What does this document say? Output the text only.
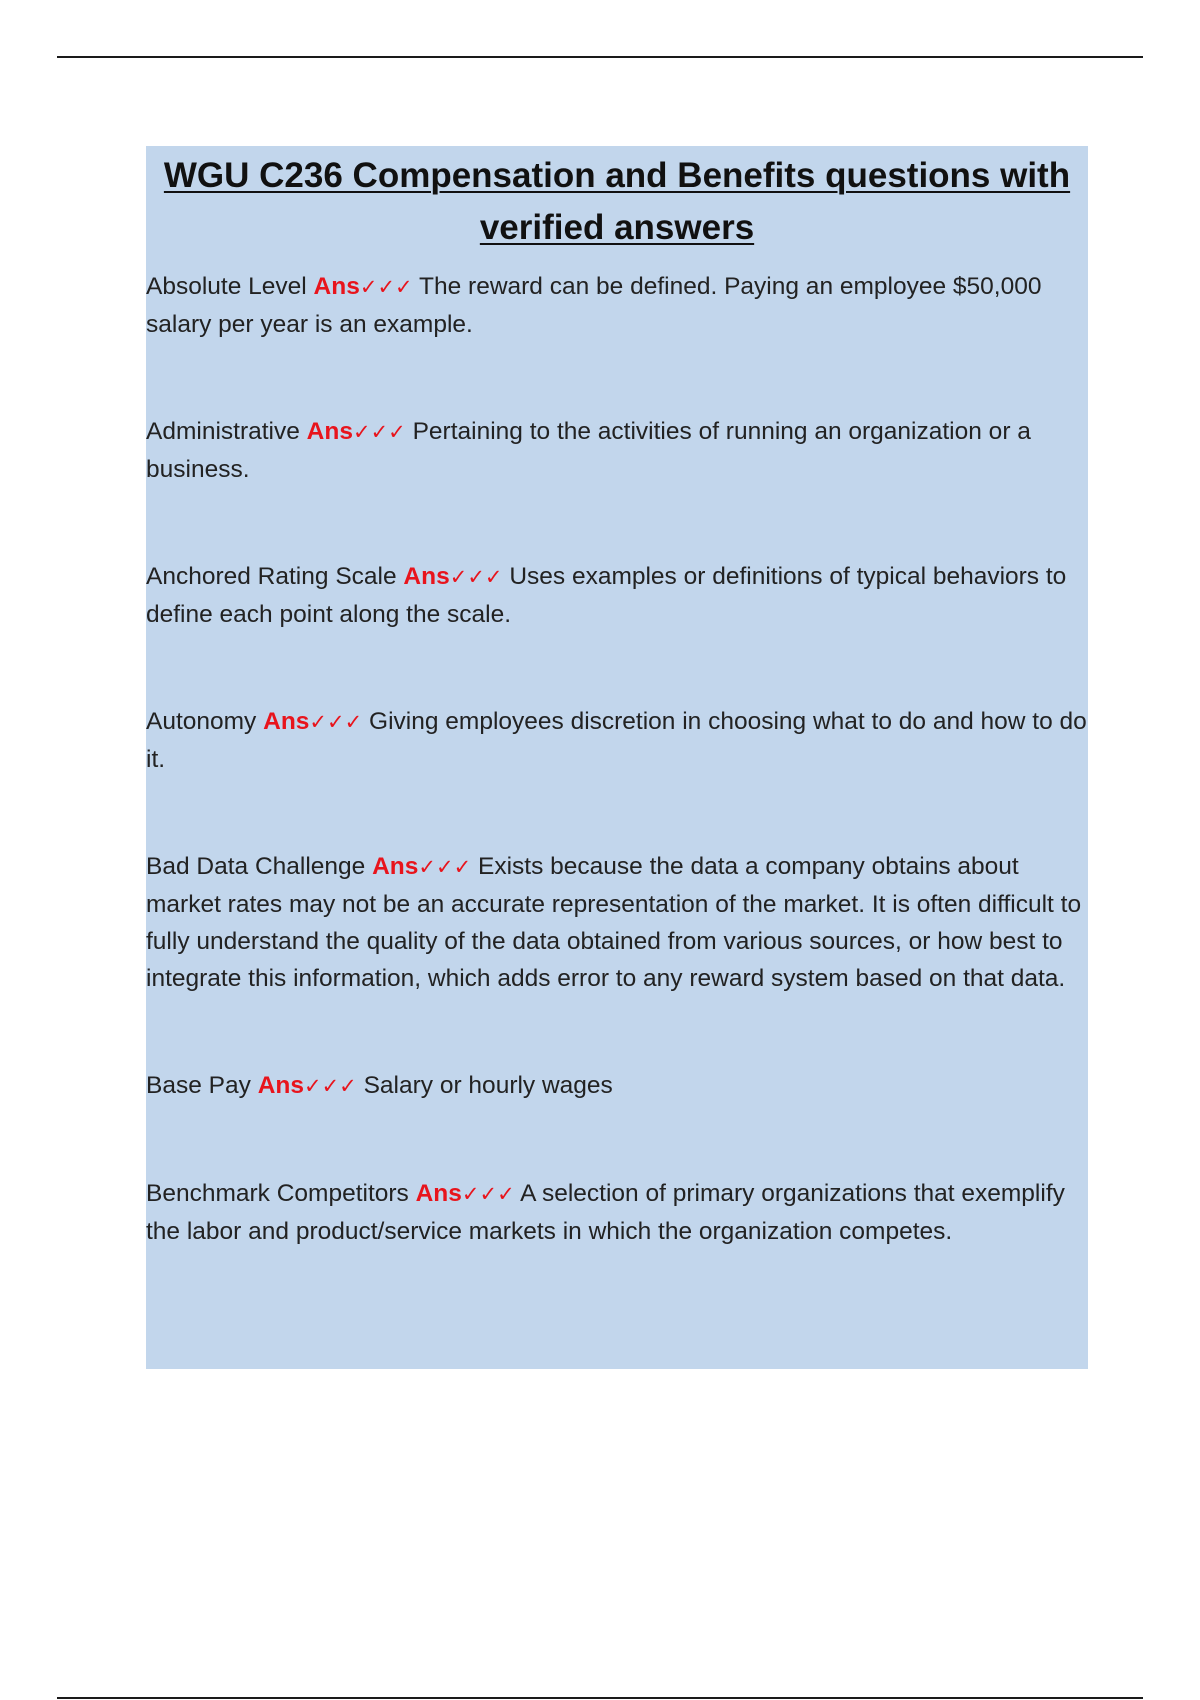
WGU C236 Compensation and Benefits questions with verified answers

Absolute Level Ans✓✓✓ The reward can be defined. Paying an employee $50,000 salary per year is an example.

Administrative Ans✓✓✓ Pertaining to the activities of running an organization or a business.

Anchored Rating Scale Ans✓✓✓ Uses examples or definitions of typical behaviors to define each point along the scale.

Autonomy Ans✓✓✓ Giving employees discretion in choosing what to do and how to do it.

Bad Data Challenge Ans✓✓✓ Exists because the data a company obtains about market rates may not be an accurate representation of the market. It is often difficult to fully understand the quality of the data obtained from various sources, or how best to integrate this information, which adds error to any reward system based on that data.

Base Pay Ans✓✓✓ Salary or hourly wages

Benchmark Competitors Ans✓✓✓ A selection of primary organizations that exemplify the labor and product/service markets in which the organization competes.
